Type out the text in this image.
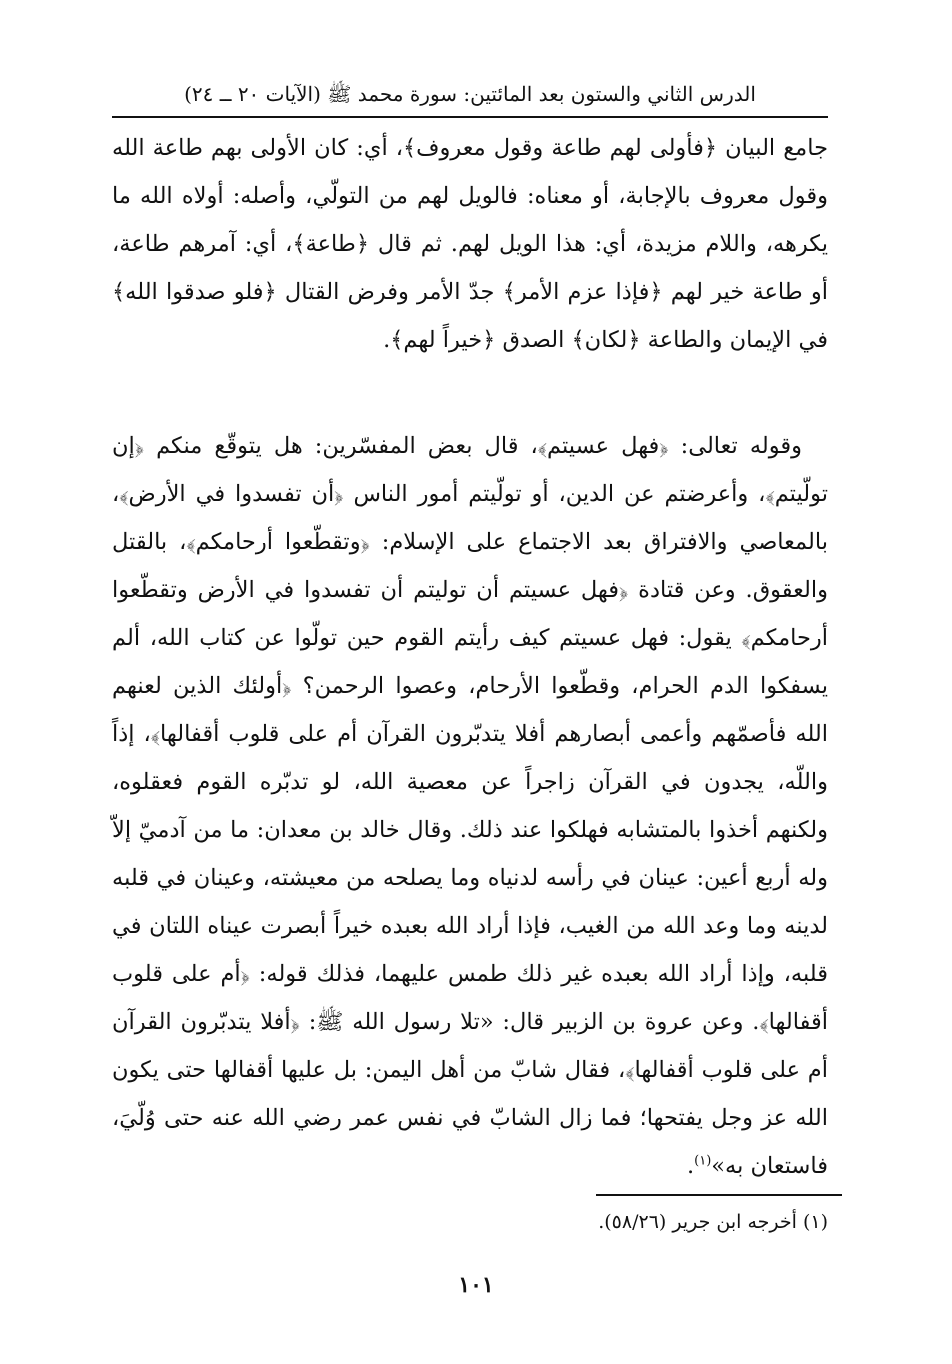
الدرس الثاني والستون بعد المائتين: سورة محمد ﷺ (الآيات ٢٠ ــ ٢٤)
جامع البيان ﴿فأولى لهم طاعة وقول معروف﴾، أي: كان الأولى بهم طاعة الله وقول معروف بالإجابة، أو معناه: فالويل لهم من التولّي، وأصله: أولاه الله ما يكرهه، واللام مزيدة، أي: هذا الويل لهم. ثم قال ﴿طاعة﴾، أي: آمرهم طاعة، أو طاعة خير لهم ﴿فإذا عزم الأمر﴾ جدّ الأمر وفرض القتال ﴿فلو صدقوا الله﴾ في الإيمان والطاعة ﴿لكان﴾ الصدق ﴿خيراً لهم﴾.
وقوله تعالى: ﴿فهل عسيتم﴾، قال بعض المفسّرين: هل يتوقّع منكم ﴿إن تولّيتم﴾، وأعرضتم عن الدين، أو تولّيتم أمور الناس ﴿أن تفسدوا في الأرض﴾، بالمعاصي والافتراق بعد الاجتماع على الإسلام: ﴿وتقطّعوا أرحامكم﴾، بالقتل والعقوق. وعن قتادة ﴿فهل عسيتم أن توليتم أن تفسدوا في الأرض وتقطّعوا أرحامكم﴾ يقول: فهل عسيتم كيف رأيتم القوم حين تولّوا عن كتاب الله، ألم يسفكوا الدم الحرام، وقطّعوا الأرحام، وعصوا الرحمن؟ ﴿أولئك الذين لعنهم الله فأصمّهم وأعمى أبصارهم أفلا يتدبّرون القرآن أم على قلوب أقفالها﴾، إذاً واللّه، يجدون في القرآن زاجراً عن معصية الله، لو تدبّره القوم فعقلوه، ولكنهم أخذوا بالمتشابه فهلكوا عند ذلك. وقال خالد بن معدان: ما من آدميّ إلاّ وله أربع أعين: عينان في رأسه لدنياه وما يصلحه من معيشته، وعينان في قلبه لدينه وما وعد الله من الغيب، فإذا أراد الله بعبده خيراً أبصرت عيناه اللتان في قلبه، وإذا أراد الله بعبده غير ذلك طمس عليهما، فذلك قوله: ﴿أم على قلوب أقفالها﴾. وعن عروة بن الزبير قال: «تلا رسول الله ﷺ: ﴿أفلا يتدبّرون القرآن أم على قلوب أقفالها﴾، فقال شابّ من أهل اليمن: بل عليها أقفالها حتى يكون الله عز وجل يفتحها؛ فما زال الشابّ في نفس عمر رضي الله عنه حتى وُلّيَ، فاستعان به»$^{(١)}$.
(١) أخرجه ابن جرير (٥٨/٢٦).
١٠١
